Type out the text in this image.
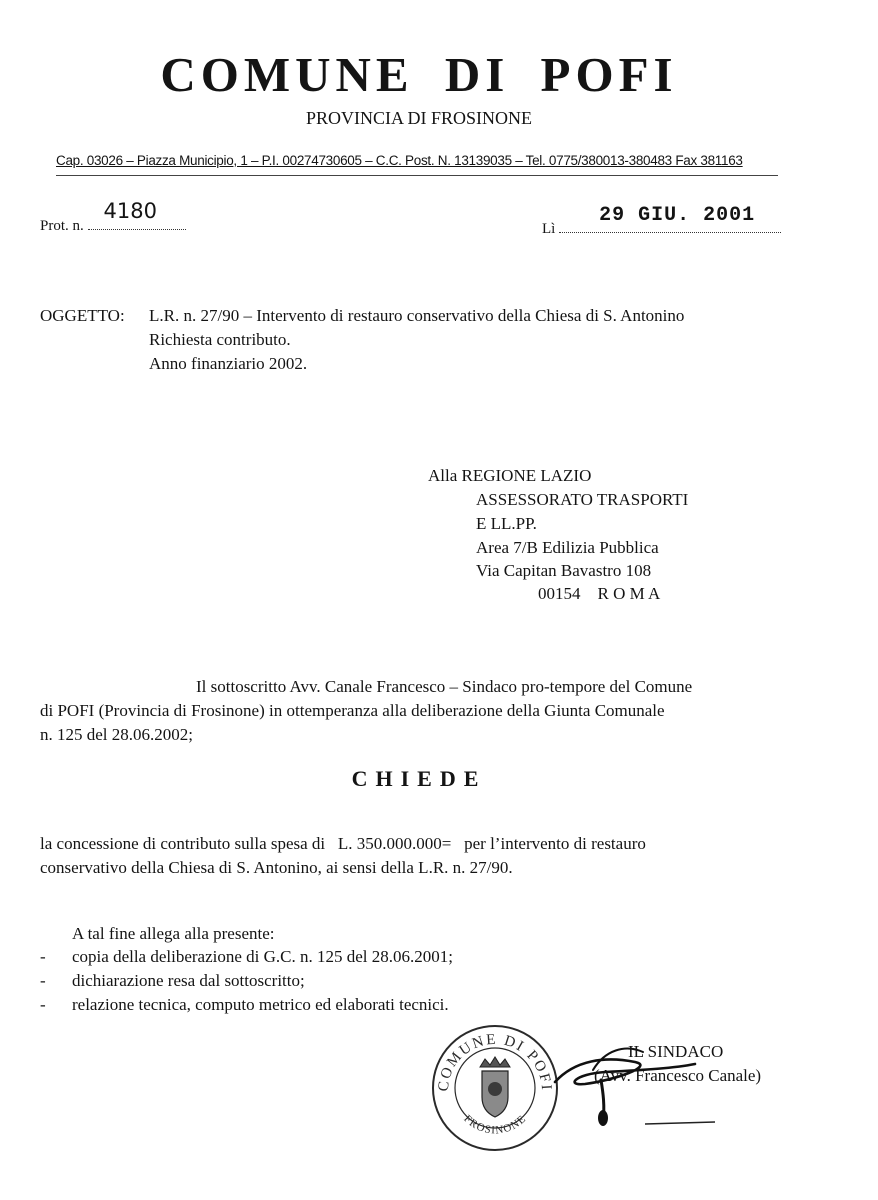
COMUNE DI POFI
PROVINCIA DI FROSINONE
Cap. 03026 – Piazza Municipio, 1 – P.I. 00274730605 – C.C. Post. N. 13139035 – Tel. 0775/380013-380483 Fax 381163
Prot. n.
4180
Lì
29 GIU. 2001
OGGETTO: L.R. n. 27/90 – Intervento di restauro conservativo della Chiesa di S. Antonino
Richiesta contributo.
Anno finanziario 2002.
Alla REGIONE LAZIO
ASSESSORATO TRASPORTI
E LL.PP.
Area 7/B Edilizia Pubblica
Via Capitan Bavastro 108
00154    R O M A
Il sottoscritto Avv. Canale Francesco – Sindaco pro-tempore del Comune
di POFI (Provincia di Frosinone) in ottemperanza alla deliberazione della Giunta Comunale
n. 125 del 28.06.2002;
CHIEDE
la concessione di contributo sulla spesa di   L. 350.000.000=   per l’intervento di restauro
conservativo della Chiesa di S. Antonino, ai sensi della L.R. n. 27/90.
A tal fine allega alla presente:
- copia della deliberazione di G.C. n. 125 del 28.06.2001;
- dichiarazione resa dal sottoscritto;
- relazione tecnica, computo metrico ed elaborati tecnici.
IL SINDACO
(Avv. Francesco Canale)
COMUNE DI POFI
FROSINONE
